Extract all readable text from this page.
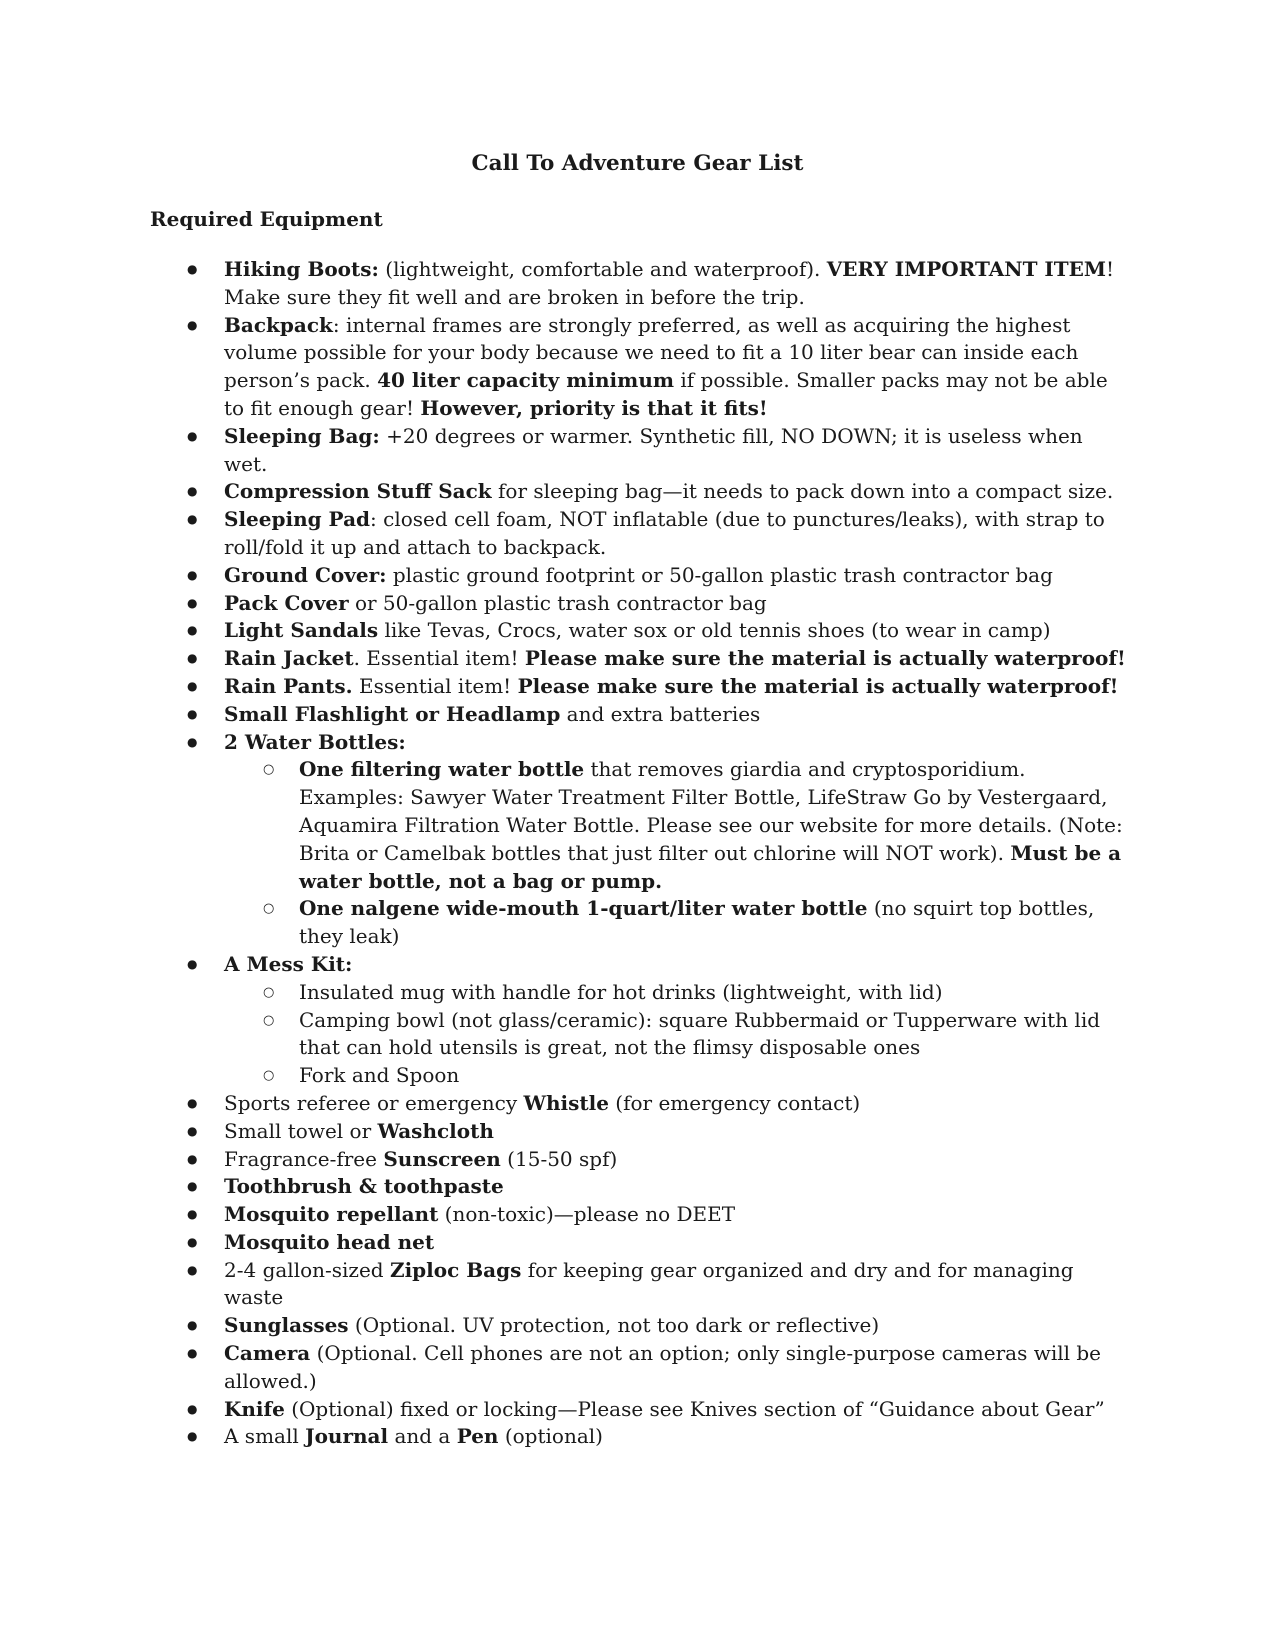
Call To Adventure Gear List
Required Equipment
● Hiking Boots: (lightweight, comfortable and waterproof). VERY IMPORTANT ITEM! Make sure they fit well and are broken in before the trip.
● Backpack: internal frames are strongly preferred, as well as acquiring the highest volume possible for your body because we need to fit a 10 liter bear can inside each person’s pack. 40 liter capacity minimum if possible. Smaller packs may not be able to fit enough gear! However, priority is that it fits!
● Sleeping Bag: +20 degrees or warmer. Synthetic fill, NO DOWN; it is useless when wet.
● Compression Stuff Sack for sleeping bag—it needs to pack down into a compact size.
● Sleeping Pad: closed cell foam, NOT inflatable (due to punctures/leaks), with strap to roll/fold it up and attach to backpack.
● Ground Cover: plastic ground footprint or 50-gallon plastic trash contractor bag
● Pack Cover or 50-gallon plastic trash contractor bag
● Light Sandals like Tevas, Crocs, water sox or old tennis shoes (to wear in camp)
● Rain Jacket. Essential item! Please make sure the material is actually waterproof!
● Rain Pants. Essential item! Please make sure the material is actually waterproof!
● Small Flashlight or Headlamp and extra batteries
● 2 Water Bottles:
○ One filtering water bottle that removes giardia and cryptosporidium. Examples: Sawyer Water Treatment Filter Bottle, LifeStraw Go by Vestergaard, Aquamira Filtration Water Bottle. Please see our website for more details. (Note: Brita or Camelbak bottles that just filter out chlorine will NOT work). Must be a water bottle, not a bag or pump.
○ One nalgene wide-mouth 1-quart/liter water bottle (no squirt top bottles, they leak)
● A Mess Kit:
○ Insulated mug with handle for hot drinks (lightweight, with lid)
○ Camping bowl (not glass/ceramic): square Rubbermaid or Tupperware with lid that can hold utensils is great, not the flimsy disposable ones
○ Fork and Spoon
● Sports referee or emergency Whistle (for emergency contact)
● Small towel or Washcloth
● Fragrance-free Sunscreen (15-50 spf)
● Toothbrush & toothpaste
● Mosquito repellant (non-toxic)—please no DEET
● Mosquito head net
● 2-4 gallon-sized Ziploc Bags for keeping gear organized and dry and for managing waste
● Sunglasses (Optional. UV protection, not too dark or reflective)
● Camera (Optional. Cell phones are not an option; only single-purpose cameras will be allowed.)
● Knife (Optional) fixed or locking—Please see Knives section of “Guidance about Gear”
● A small Journal and a Pen (optional)
